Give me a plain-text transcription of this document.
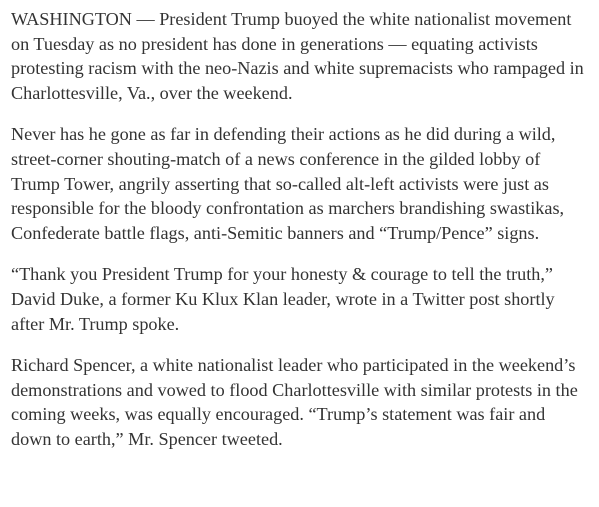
WASHINGTON — President Trump buoyed the white nationalist movement on Tuesday as no president has done in generations — equating activists protesting racism with the neo-Nazis and white supremacists who rampaged in Charlottesville, Va., over the weekend.

Never has he gone as far in defending their actions as he did during a wild, street-corner shouting-match of a news conference in the gilded lobby of Trump Tower, angrily asserting that so-called alt-left activists were just as responsible for the bloody confrontation as marchers brandishing swastikas, Confederate battle flags, anti-Semitic banners and “Trump/Pence” signs.

“Thank you President Trump for your honesty & courage to tell the truth,” David Duke, a former Ku Klux Klan leader, wrote in a Twitter post shortly after Mr. Trump spoke.

Richard Spencer, a white nationalist leader who participated in the weekend’s demonstrations and vowed to flood Charlottesville with similar protests in the coming weeks, was equally encouraged. “Trump’s statement was fair and down to earth,” Mr. Spencer tweeted.
